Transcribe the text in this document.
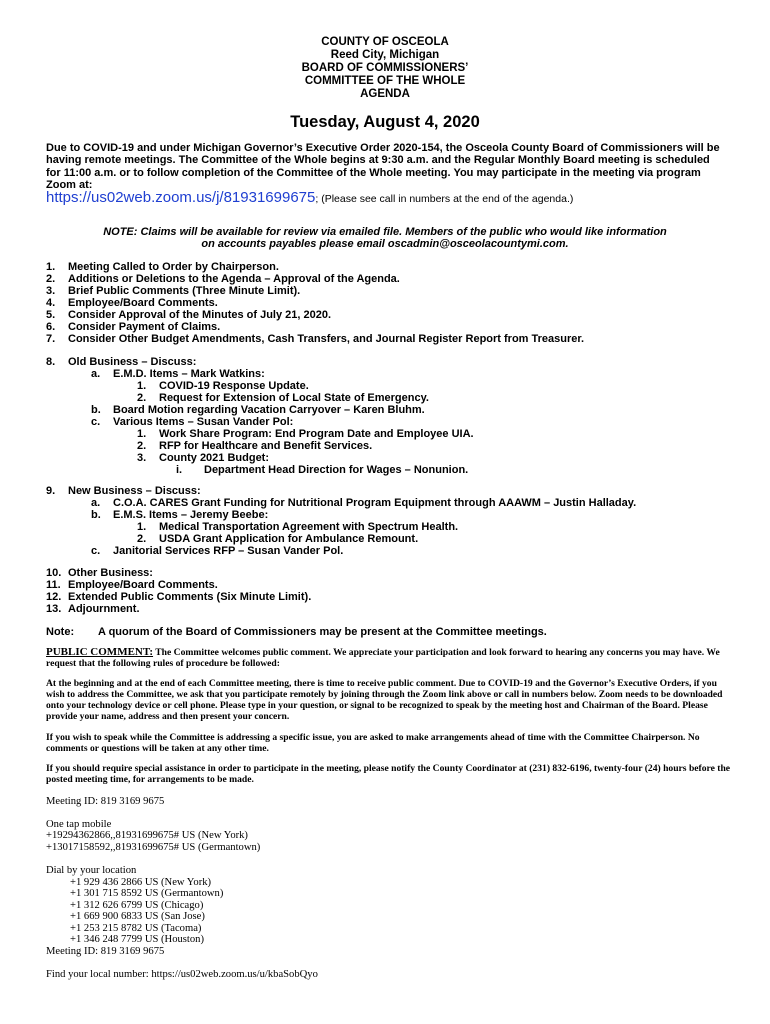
COUNTY OF OSCEOLA
Reed City, Michigan
BOARD OF COMMISSIONERS’
COMMITTEE OF THE WHOLE
AGENDA
Tuesday, August 4, 2020
Due to COVID-19 and under Michigan Governor’s Executive Order 2020-154, the Osceola County Board of Commissioners will be having remote meetings. The Committee of the Whole begins at 9:30 a.m. and the Regular Monthly Board meeting is scheduled for 11:00 a.m. or to follow completion of the Committee of the Whole meeting. You may participate in the meeting via program Zoom at:
https://us02web.zoom.us/j/81931699675; (Please see call in numbers at the end of the agenda.)
NOTE: Claims will be available for review via emailed file. Members of the public who would like information
on accounts payables please email oscadmin@osceolacountymi.com.
1. Meeting Called to Order by Chairperson.
2. Additions or Deletions to the Agenda – Approval of the Agenda.
3. Brief Public Comments (Three Minute Limit).
4. Employee/Board Comments.
5. Consider Approval of the Minutes of July 21, 2020.
6. Consider Payment of Claims.
7. Consider Other Budget Amendments, Cash Transfers, and Journal Register Report from Treasurer.
8. Old Business – Discuss:
a. E.M.D. Items – Mark Watkins:
1. COVID-19 Response Update.
2. Request for Extension of Local State of Emergency.
b. Board Motion regarding Vacation Carryover – Karen Bluhm.
c. Various Items – Susan Vander Pol:
1. Work Share Program: End Program Date and Employee UIA.
2. RFP for Healthcare and Benefit Services.
3. County 2021 Budget:
i. Department Head Direction for Wages – Nonunion.
9. New Business – Discuss:
a. C.O.A. CARES Grant Funding for Nutritional Program Equipment through AAAWM – Justin Halladay.
b. E.M.S. Items – Jeremy Beebe:
1. Medical Transportation Agreement with Spectrum Health.
2. USDA Grant Application for Ambulance Remount.
c. Janitorial Services RFP – Susan Vander Pol.
10. Other Business:
11. Employee/Board Comments.
12. Extended Public Comments (Six Minute Limit).
13. Adjournment.
Note: A quorum of the Board of Commissioners may be present at the Committee meetings.
PUBLIC COMMENT: The Committee welcomes public comment. We appreciate your participation and look forward to hearing any concerns you may have. We request that the following rules of procedure be followed:
At the beginning and at the end of each Committee meeting, there is time to receive public comment. Due to COVID-19 and the Governor’s Executive Orders, if you wish to address the Committee, we ask that you participate remotely by joining through the Zoom link above or call in numbers below. Zoom needs to be downloaded onto your technology device or cell phone. Please type in your question, or signal to be recognized to speak by the meeting host and Chairman of the Board. Please provide your name, address and then present your concern.
If you wish to speak while the Committee is addressing a specific issue, you are asked to make arrangements ahead of time with the Committee Chairperson. No comments or questions will be taken at any other time.
If you should require special assistance in order to participate in the meeting, please notify the County Coordinator at (231) 832-6196, twenty-four (24) hours before the posted meeting time, for arrangements to be made.
Meeting ID: 819 3169 9675
One tap mobile
+19294362866,,81931699675# US (New York)
+13017158592,,81931699675# US (Germantown)
Dial by your location
+1 929 436 2866 US (New York)
+1 301 715 8592 US (Germantown)
+1 312 626 6799 US (Chicago)
+1 669 900 6833 US (San Jose)
+1 253 215 8782 US (Tacoma)
+1 346 248 7799 US (Houston)
Meeting ID: 819 3169 9675
Find your local number: https://us02web.zoom.us/u/kbaSobQyo
